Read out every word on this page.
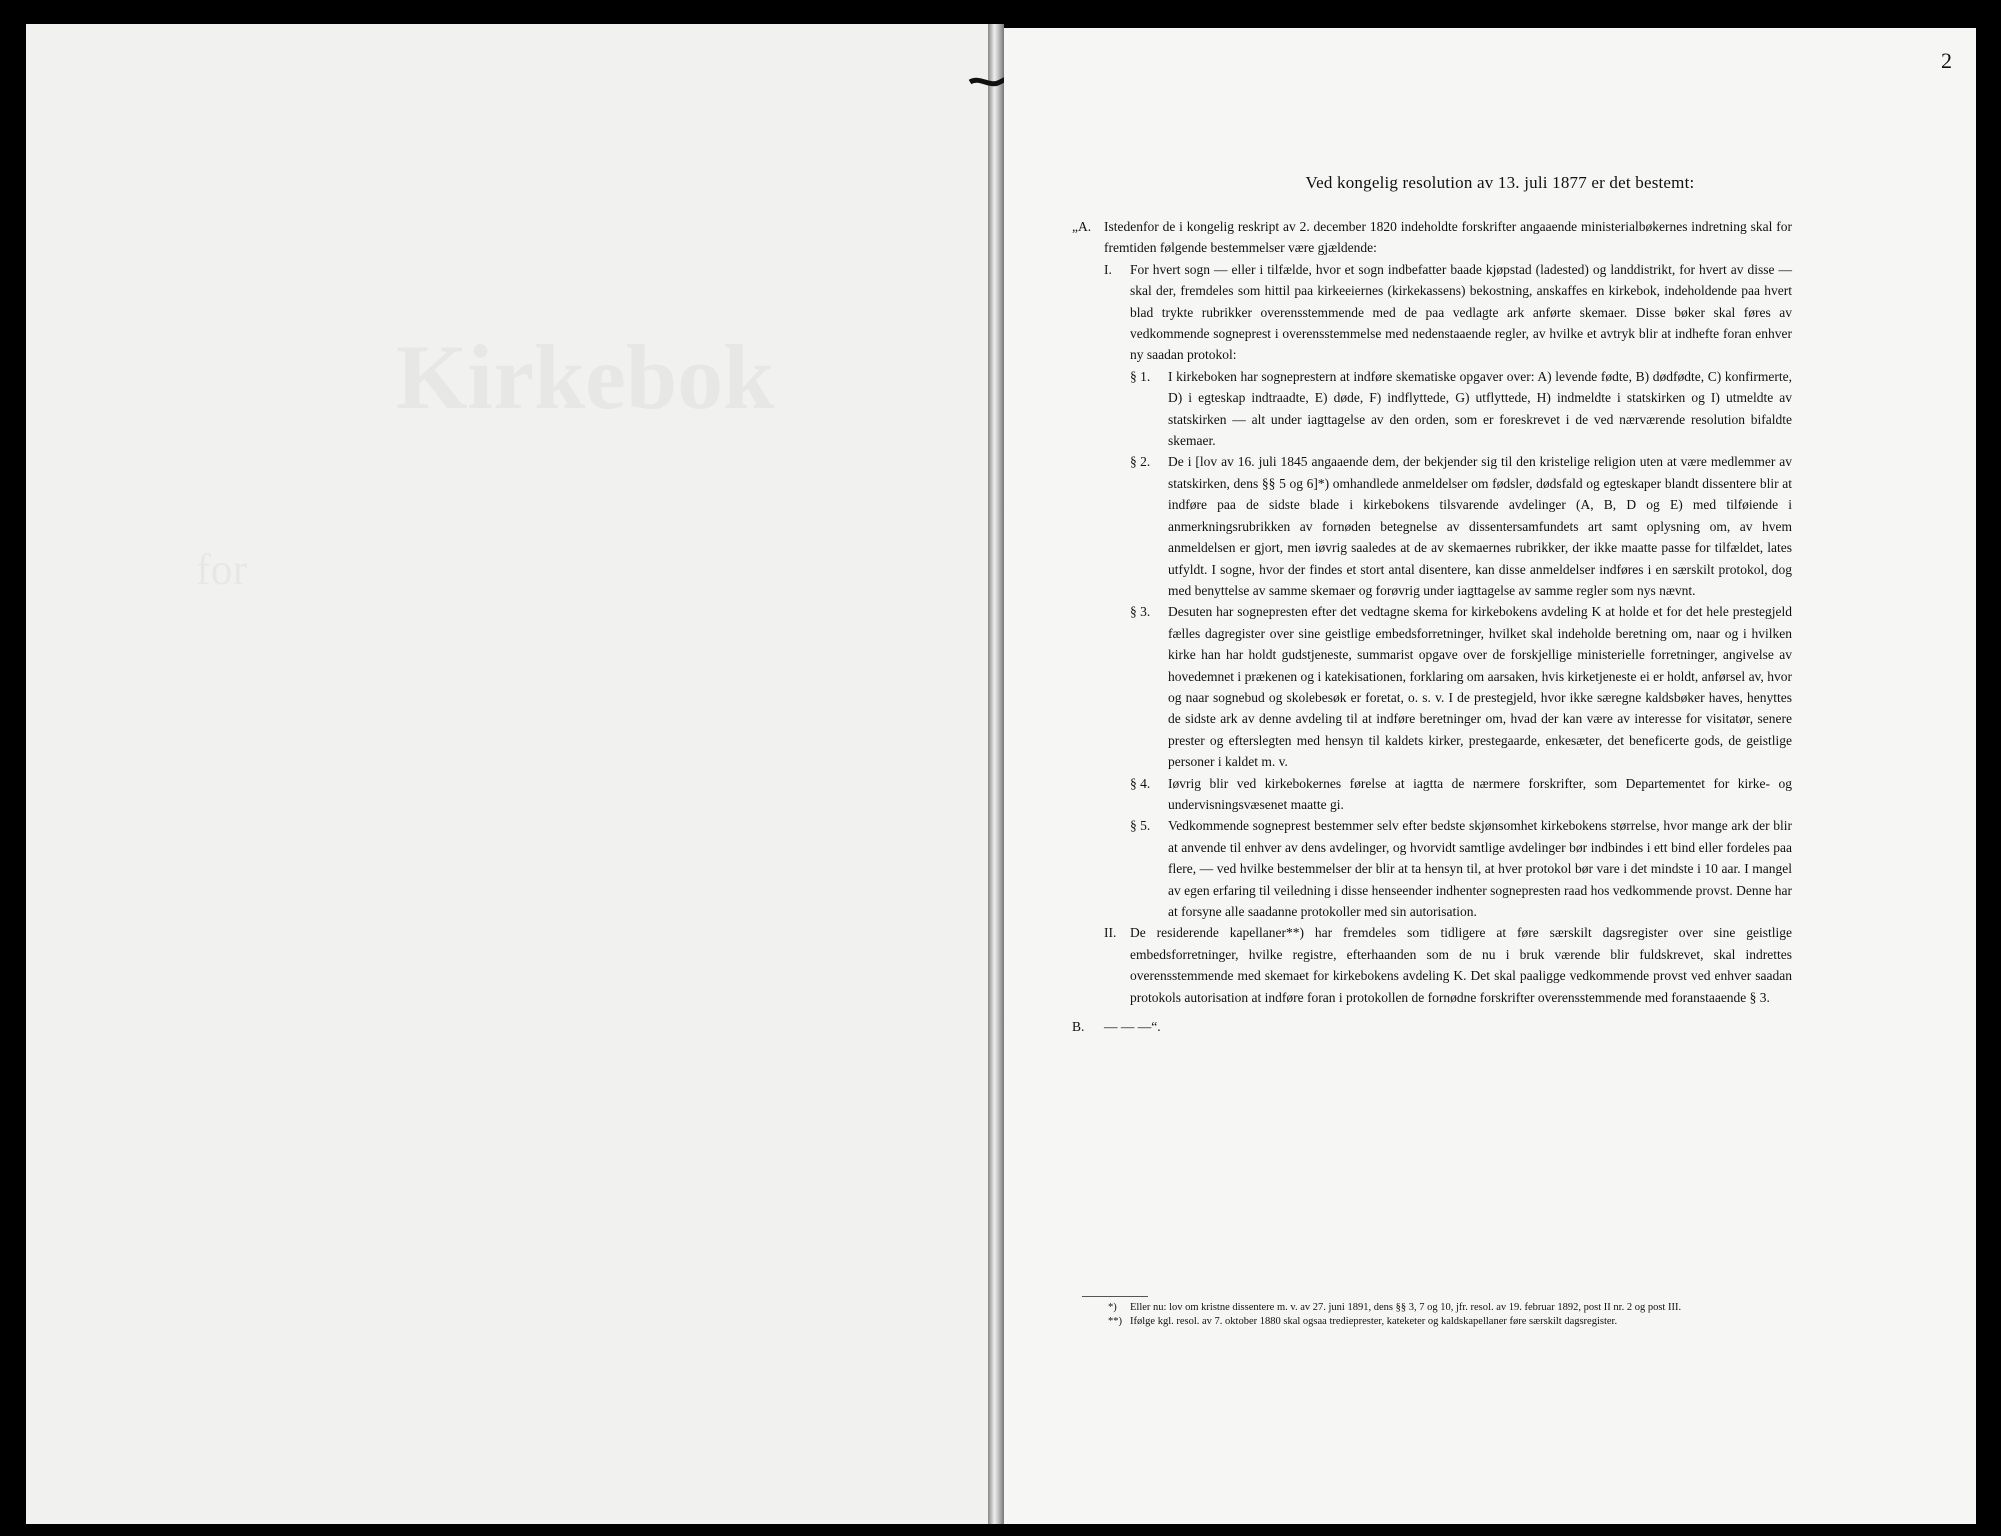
2
Ved kongelig resolution av 13. juli 1877 er det bestemt:
„A. Istedenfor de i kongelig reskript av 2. december 1820 indeholdte forskrifter angaaende ministerialbøkernes indretning skal for fremtiden følgende bestemmelser være gjældende:
I.	For hvert sogn — eller i tilfælde, hvor et sogn indbefatter baade kjøpstad (ladested) og landdistrikt, for hvert av disse — skal der, fremdeles som hittil paa kirkeeiernes (kirkekassens) bekostning, anskaffes en kirkebok, indeholdende paa hvert blad trykte rubrikker overensstemmende med de paa vedlagte ark anførte skemaer. Disse bøker skal føres av vedkommende sogneprest i overensstemmelse med nedenstaaende regler, av hvilke et avtryk blir at indhefte foran enhver ny saadan protokol:
§ 1.	I kirkeboken har sogneprestern at indføre skematiske opgaver over: A) levende fødte, B) dødfødte, C) konfirmerte, D) i egteskap indtraadte, E) døde, F) indflyttede, G) utflyttede, H) indmeldte i statskirken og I) utmeldte av statskirken — alt under iagttagelse av den orden, som er foreskrevet i de ved nærværende resolution bifaldte skemaer.
§ 2.	De i [lov av 16. juli 1845 angaaende dem, der bekjender sig til den kristelige religion uten at være medlemmer av statskirken, dens §§ 5 og 6]*) omhandlede anmeldelser om fødsler, dødsfald og egteskaper blandt dissentere blir at indføre paa de sidste blade i kirkebokens tilsvarende avdelinger (A, B, D og E) med tilføiende i anmerkningsrubrikken av fornøden betegnelse av dissentersamfundets art samt oplysning om, av hvem anmeldelsen er gjort, men iøvrig saaledes at de av skemaernes rubrikker, der ikke maatte passe for tilfældet, lates utfyldt. I sogne, hvor der findes et stort antal disentere, kan disse anmeldelser indføres i en særskilt protokol, dog med benyttelse av samme skemaer og forøvrig under iagttagelse av samme regler som nys nævnt.
§ 3.	Desuten har sognepresten efter det vedtagne skema for kirkebokens avdeling K at holde et for det hele prestegjeld fælles dagregister over sine geistlige embedsforretninger, hvilket skal indeholde beretning om, naar og i hvilken kirke han har holdt gudstjeneste, summarist opgave over de forskjellige ministerielle forretninger, angivelse av hovedemnet i prækenen og i katekisationen, forklaring om aarsaken, hvis kirketjeneste ei er holdt, anførsel av, hvor og naar sognebud og skolebesøk er foretat, o. s. v. I de prestegjeld, hvor ikke særegne kaldsbøker haves, henyttes de sidste ark av denne avdeling til at indføre beretninger om, hvad der kan være av interesse for visitatør, senere prester og efterslegten med hensyn til kaldets kirker, prestegaarde, enkesæter, det beneficerte gods, de geistlige personer i kaldet m. v.
§ 4.	Iøvrig blir ved kirkebokernes førelse at iagtta de nærmere forskrifter, som Departementet for kirke- og undervisningsvæsenet maatte gi.
§ 5.	Vedkommende sogneprest bestemmer selv efter bedste skjønsomhet kirkebokens størrelse, hvor mange ark der blir at anvende til enhver av dens avdelinger, og hvorvidt samtlige avdelinger bør indbindes i ett bind eller fordeles paa flere, — ved hvilke bestemmelser der blir at ta hensyn til, at hver protokol bør vare i det mindste i 10 aar. I mangel av egen erfaring til veiledning i disse henseender indhenter sognepresten raad hos vedkommende provst. Denne har at forsyne alle saadanne protokoller med sin autorisation.
II.	De residerende kapellaner**) har fremdeles som tidligere at føre særskilt dagsregister over sine geistlige embedsforretninger, hvilke registre, efterhaanden som de nu i bruk værende blir fuldskrevet, skal indrettes overensstemmende med skemaet for kirkebokens avdeling K. Det skal paaligge vedkommende provst ved enhver saadan protokols autorisation at indføre foran i protokollen de fornødne forskrifter overensstemmende med foranstaaende § 3.
B.	— — —“.
*)	Eller nu: lov om kristne dissentere m. v. av 27. juni 1891, dens §§ 3, 7 og 10, jfr. resol. av 19. februar 1892, post II nr. 2 og post III.
**) Ifølge kgl. resol. av 7. oktober 1880 skal ogsaa tredieprester, kateketer og kaldskapellaner føre særskilt dagsregister.
